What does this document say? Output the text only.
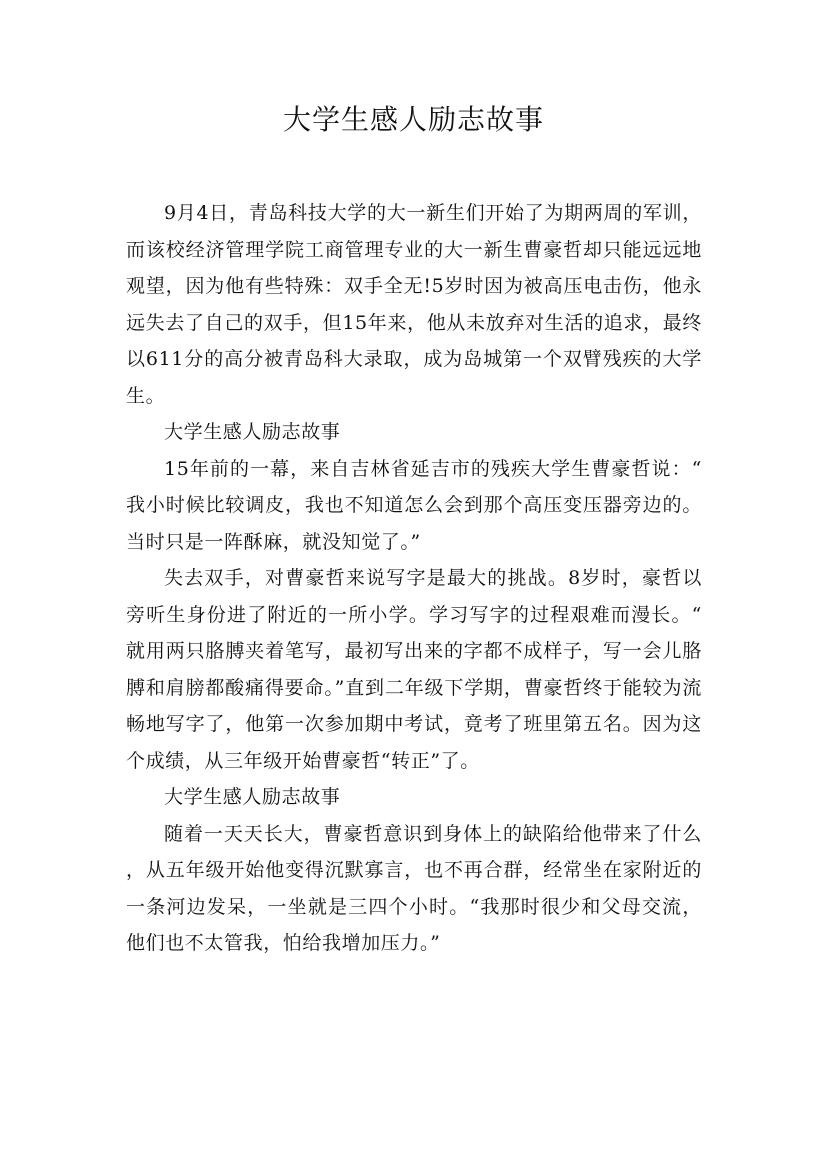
大学生感人励志故事

9月4日，青岛科技大学的大一新生们开始了为期两周的军训，而该校经济管理学院工商管理专业的大一新生曹豪哲却只能远远地观望，因为他有些特殊：双手全无!5岁时因为被高压电击伤，他永远失去了自己的双手，但15年来，他从未放弃对生活的追求，最终以611分的高分被青岛科大录取，成为岛城第一个双臂残疾的大学生。

大学生感人励志故事

15年前的一幕，来自吉林省延吉市的残疾大学生曹豪哲说：“我小时候比较调皮，我也不知道怎么会到那个高压变压器旁边的。当时只是一阵酥麻，就没知觉了。”

失去双手，对曹豪哲来说写字是最大的挑战。8岁时，豪哲以旁听生身份进了附近的一所小学。学习写字的过程艰难而漫长。“就用两只胳膊夹着笔写，最初写出来的字都不成样子，写一会儿胳膊和肩膀都酸痛得要命。”直到二年级下学期，曹豪哲终于能较为流畅地写字了，他第一次参加期中考试，竟考了班里第五名。因为这个成绩，从三年级开始曹豪哲“转正”了。

大学生感人励志故事

随着一天天长大，曹豪哲意识到身体上的缺陷给他带来了什么，从五年级开始他变得沉默寡言，也不再合群，经常坐在家附近的一条河边发呆，一坐就是三四个小时。“我那时很少和父母交流，他们也不太管我，怕给我增加压力。”
